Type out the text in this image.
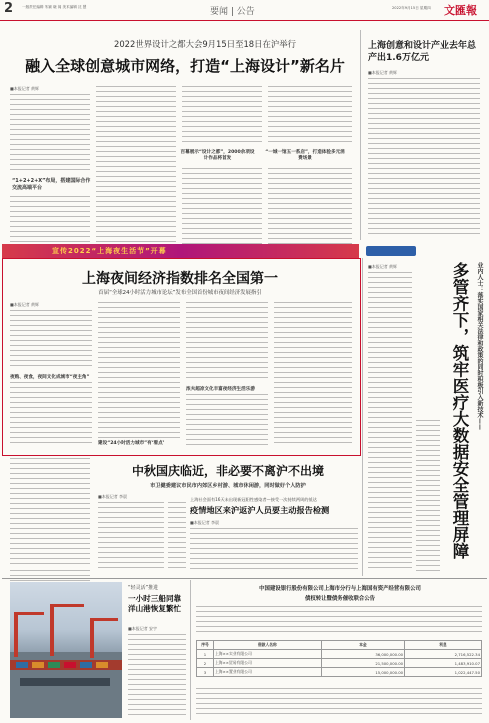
2 一版责任编辑 朱颖 晓 闻 美术编辑 沈 慧	要闻 | 公告	2022年9月15日 星期四 文匯報
2022世界设计之都大会9月15日至18日在沪举行
融入全球创意城市网络，打造“上海设计”新名片
■本报记者 黄辉
“1+2+2+X”布局，搭建国际合作交流高端平台
百幕展示“设计之都”，2000余项设计作品将首发
“一城一馆五一系店”，打造体验多元消费场景
上海创意和设计产业去年总产出1.6万亿元
■本报记者 黄辉
宣传2022“上海夜生活节”开幕
上海夜间经济指数排名全国第一
首届“全球24小时活力城市论坛”发布全国首份城市夜间经济发展指引
■本报记者 黄辉
夜购、夜食，夜间文化成城市“夜主角”
建设“24小时活力城市”有‘看点’
浓夫超凉文化丰富夜经济生活乐游
■本报记者 黄辉	业内人士：落实国家相关法律和政策的同时积极引入新技术——
多管齐下，筑牢医疗大数据安全管理屏障
中秋国庆临近，非必要不离沪不出境
市卫健委建议市民市内郊区乡村游、城市休闲游，同时做好个人防护
■本报记者 李晨
上海社会面有16天未出现新冠阳性感染者—接受一次持续两周的抵达
疫情地区来沪返沪人员要主动报告检测
■本报记者 李晨
“轻灵活”推进
一小时三船同靠洋山港恢复繁忙
■本报记者 安宇
中国建设银行股份有限公司上海市分行与上海国有资产经营有限公司
债权转让暨债务催收联合公告
序号	借款人名称	本金	利息
1	上海××实业有限公司	36,000,000.00	2,716,522.34
2	上海××贸易有限公司	21,500,000.00	1,483,910.07
3	上海××置业有限公司	15,000,000.00	1,022,447.50
